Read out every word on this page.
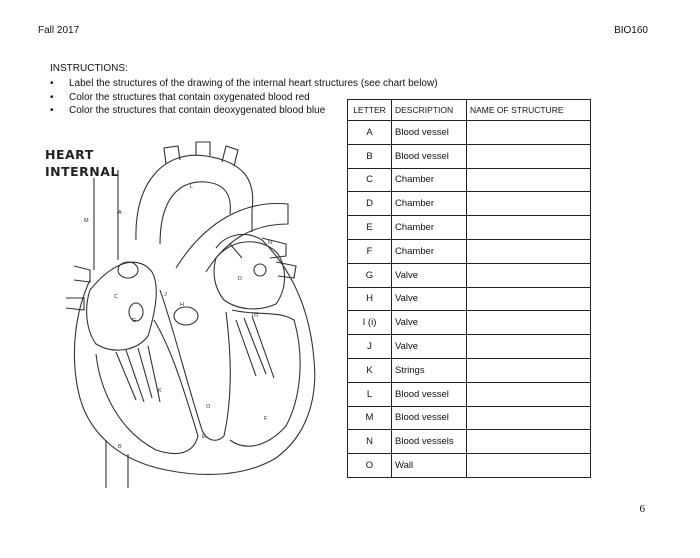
Fall 2017	BIO160
INSTRUCTIONS:
• Label the structures of the drawing of the internal heart structures (see chart below)
• Color the structures that contain oxygenated blood red
• Color the structures that contain deoxygenated blood blue
HEART
INTERNAL
A
B
C
D
E
F
G
H
I(i)
J
K
L
M
N
O
LETTER	DESCRIPTION	NAME OF STRUCTURE
A	Blood vessel	
B	Blood vessel	
C	Chamber	
D	Chamber	
E	Chamber	
F	Chamber	
G	Valve	
H	Valve	
I (i)	Valve	
J	Valve	
K	Strings	
L	Blood vessel	
M	Blood vessel	
N	Blood vessels	
O	Wall	
6
